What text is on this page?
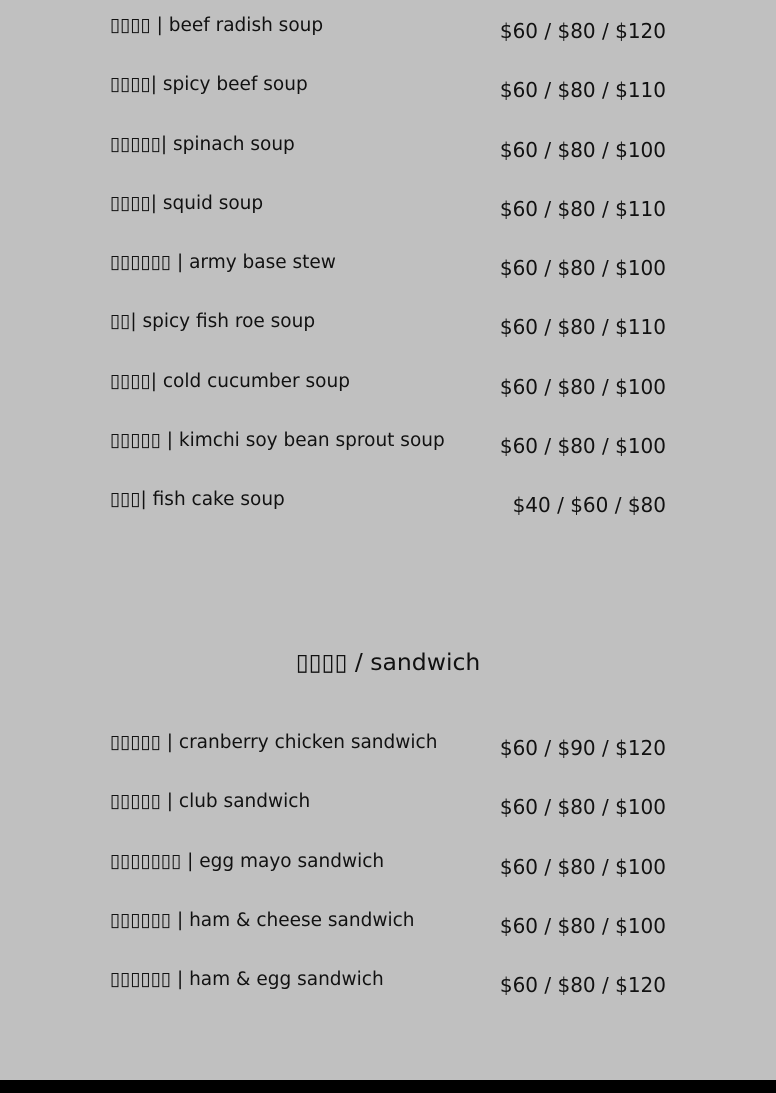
▯▯▯▯ | beef radish soup	$60 / $80 / $120
▯▯▯▯| spicy beef soup	$60 / $80 / $110
▯▯▯▯▯| spinach soup	$60 / $80 / $100
▯▯▯▯| squid soup	$60 / $80 / $110
▯▯▯▯▯▯ | army base stew	$60 / $80 / $100
▯▯| spicy fish roe soup	$60 / $80 / $110
▯▯▯▯| cold cucumber soup	$60 / $80 / $100
▯▯▯▯▯ | kimchi soy bean sprout soup	$60 / $80 / $100
▯▯▯| fish cake soup	$40 / $60 / $80
▯▯▯▯ / sandwich
▯▯▯▯▯ | cranberry chicken sandwich	$60 / $90 / $120
▯▯▯▯▯ | club sandwich	$60 / $80 / $100
▯▯▯▯▯▯▯ | egg mayo sandwich	$60 / $80 / $100
▯▯▯▯▯▯ | ham & cheese sandwich	$60 / $80 / $100
▯▯▯▯▯▯ | ham & egg sandwich	$60 / $80 / $120
